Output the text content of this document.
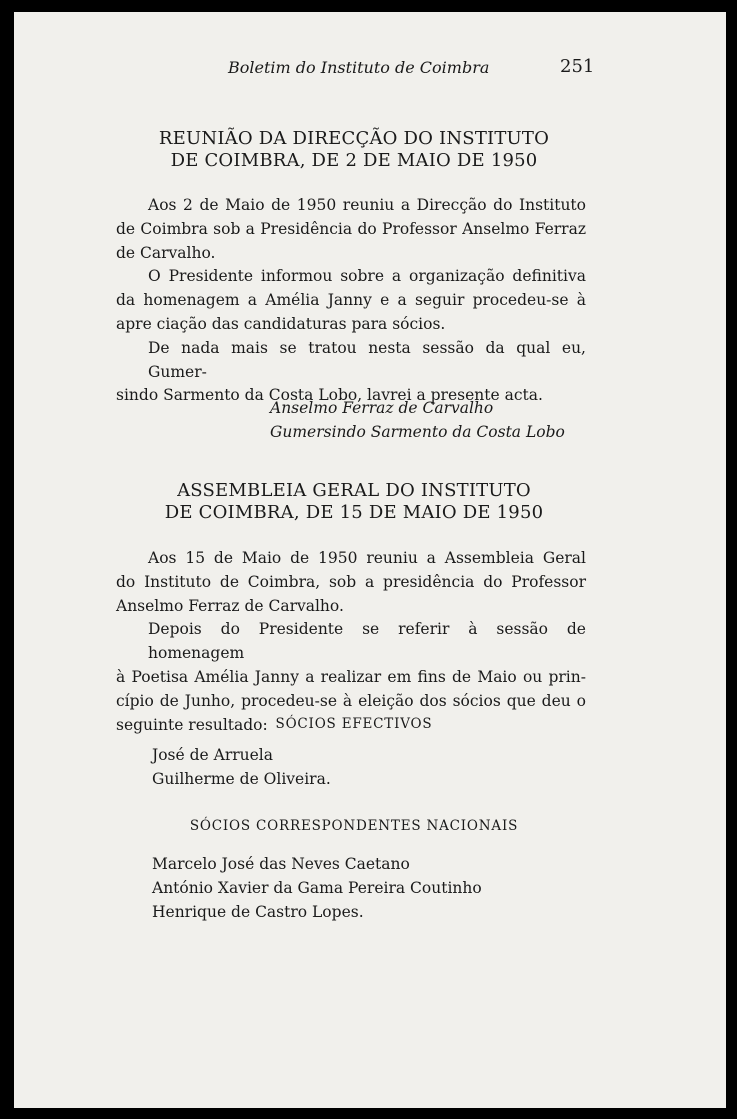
Boletim do Instituto de Coimbra	251
REUNIÃO DA DIRECÇÃO DO INSTITUTO
DE COIMBRA, DE 2 DE MAIO DE 1950
Aos 2 de Maio de 1950 reuniu a Direcção do Instituto
de Coimbra sob a Presidência do Professor Anselmo Ferraz
de Carvalho.
O Presidente informou sobre a organização definitiva
da homenagem a Amélia Janny e a seguir procedeu-se à
apre ciação das candidaturas para sócios.
De nada mais se tratou nesta sessão da qual eu, Gumer-
sindo Sarmento da Costa Lobo, lavrei a presente acta.
Anselmo Ferraz de Carvalho
Gumersindo Sarmento da Costa Lobo
ASSEMBLEIA GERAL DO INSTITUTO
DE COIMBRA, DE 15 DE MAIO DE 1950
Aos 15 de Maio de 1950 reuniu a Assembleia Geral
do Instituto de Coimbra, sob a presidência do Professor
Anselmo Ferraz de Carvalho.
Depois do Presidente se referir à sessão de homenagem
à Poetisa Amélia Janny a realizar em fins de Maio ou prin-
cípio de Junho, procedeu-se à eleição dos sócios que deu o
seguinte resultado: SÓCIOS EFECTIVOS
José de Arruela
Guilherme de Oliveira.
SÓCIOS CORRESPONDENTES NACIONAIS
Marcelo José das Neves Caetano
António Xavier da Gama Pereira Coutinho
Henrique de Castro Lopes.
